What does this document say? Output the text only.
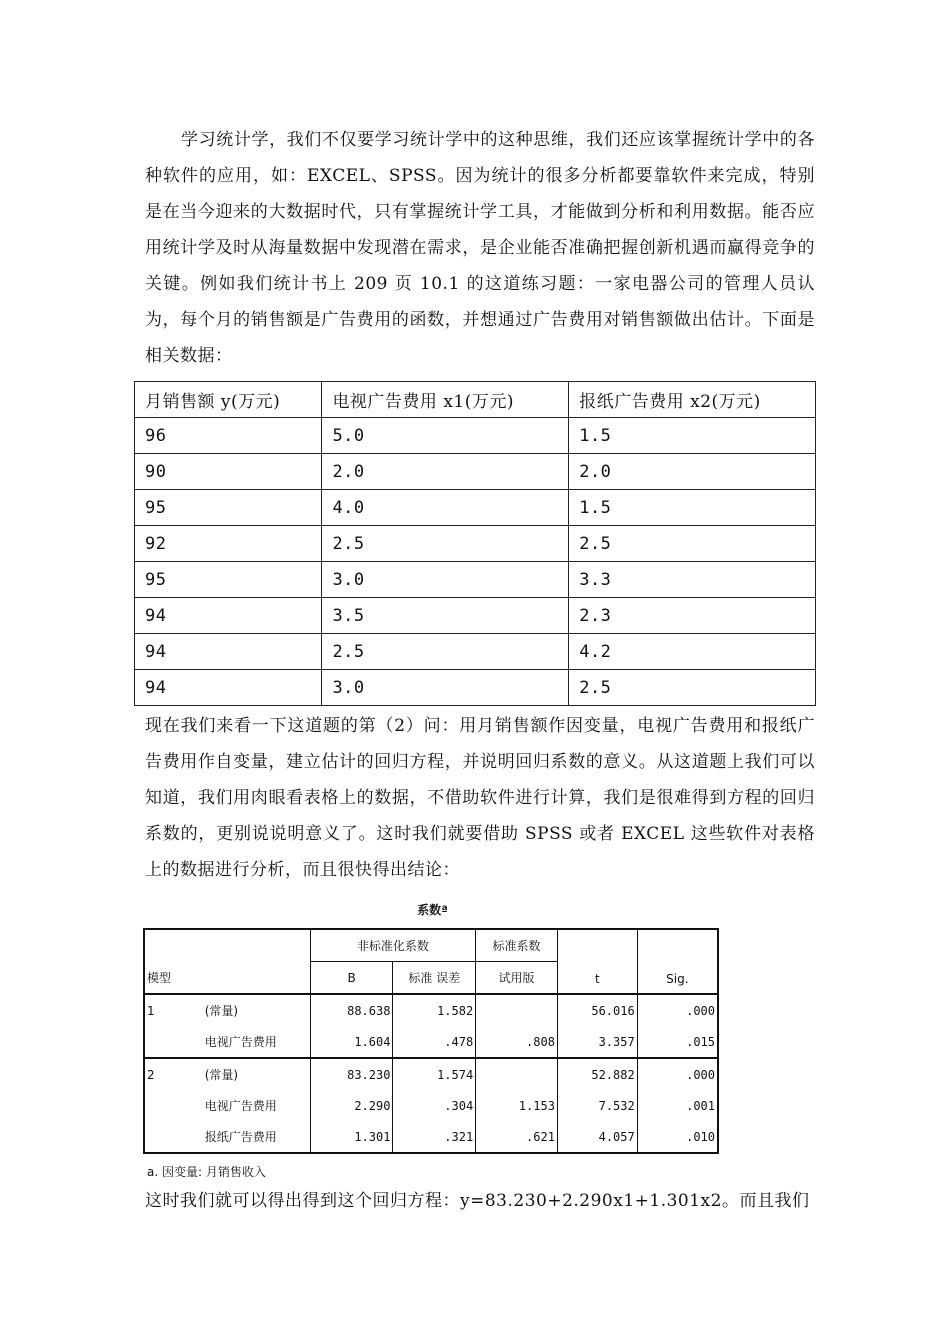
学习统计学，我们不仅要学习统计学中的这种思维，我们还应该掌握统计学中的各种软件的应用，如：EXCEL、SPSS。因为统计的很多分析都要靠软件来完成，特别是在当今迎来的大数据时代，只有掌握统计学工具，才能做到分析和利用数据。能否应用统计学及时从海量数据中发现潜在需求，是企业能否准确把握创新机遇而赢得竞争的关键。例如我们统计书上 209 页 10.1 的这道练习题：一家电器公司的管理人员认为，每个月的销售额是广告费用的函数，并想通过广告费用对销售额做出估计。下面是相关数据：

月销售额 y(万元)	电视广告费用 x1(万元)	报纸广告费用 x2(万元)
96	5.0	1.5
90	2.0	2.0
95	4.0	1.5
92	2.5	2.5
95	3.0	3.3
94	3.5	2.3
94	2.5	4.2
94	3.0	2.5

现在我们来看一下这道题的第（2）问：用月销售额作因变量，电视广告费用和报纸广告费用作自变量，建立估计的回归方程，并说明回归系数的意义。从这道题上我们可以知道，我们用肉眼看表格上的数据，不借助软件进行计算，我们是很难得到方程的回归系数的，更别说说明意义了。这时我们就要借助 SPSS 或者 EXCEL 这些软件对表格上的数据进行分析，而且很快得出结论：

系数ª
模型		非标准化系数		标准系数	t	Sig.
		B	标准 误差	试用版		
1	(常量)	88.638	1.582		56.016	.000
	电视广告费用	1.604	.478	.808	3.357	.015
2	(常量)	83.230	1.574		52.882	.000
	电视广告费用	2.290	.304	1.153	7.532	.001
	报纸广告费用	1.301	.321	.621	4.057	.010
a. 因变量: 月销售收入

这时我们就可以得出得到这个回归方程：y=83.230+2.290x1+1.301x2。而且我们
